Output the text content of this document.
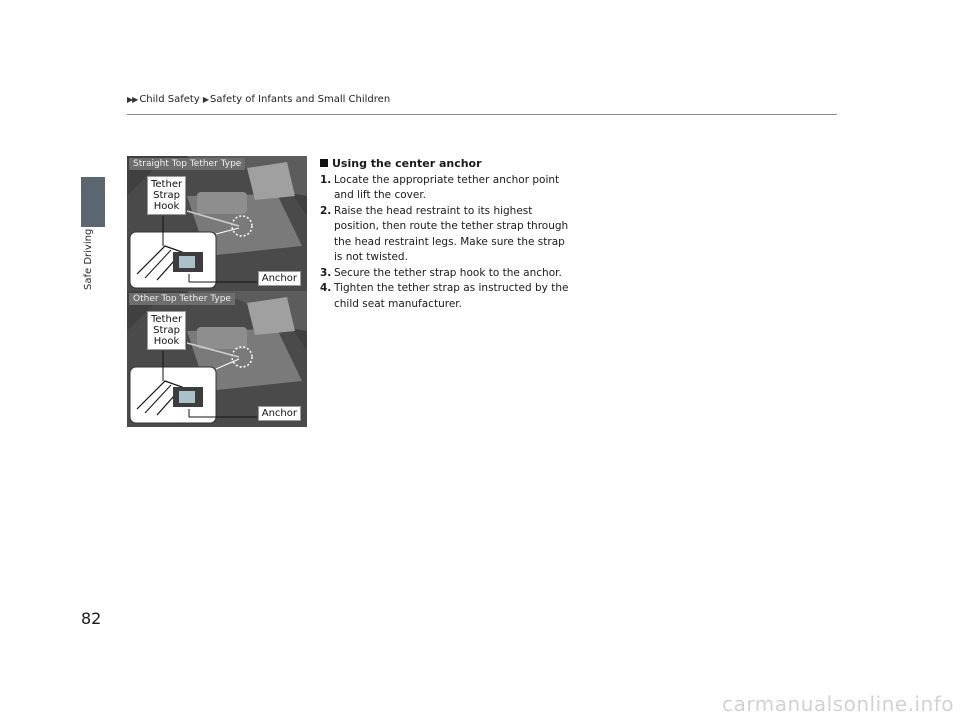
Safe Driving
▶▶ Child Safety ▶ Safety of Infants and Small Children
Straight Top Tether Type
Tether
Strap
Hook
Anchor
Other Top Tether Type
Tether
Strap
Hook
Anchor
Using the center anchor
1. Locate the appropriate tether anchor point and lift the cover.
2. Raise the head restraint to its highest position, then route the tether strap through the head restraint legs. Make sure the strap is not twisted.
3. Secure the tether strap hook to the anchor.
4. Tighten the tether strap as instructed by the child seat manufacturer.
82
carmanualsonline.info
